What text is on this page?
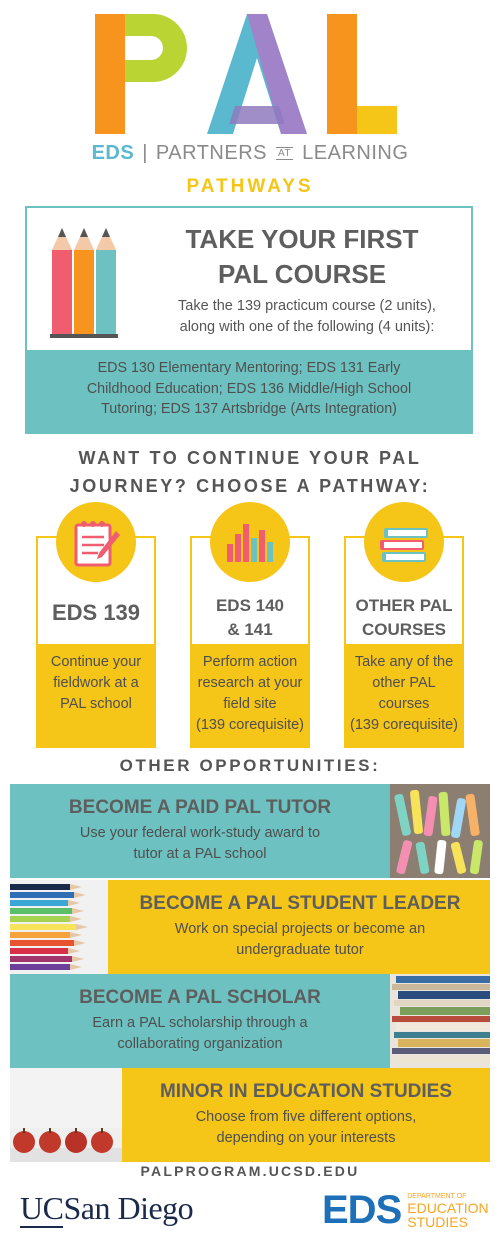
EDS | PARTNERS AT LEARNING
PATHWAYS
TAKE YOUR FIRST
PAL COURSE
Take the 139 practicum course (2 units),
along with one of the following (4 units):
EDS 130 Elementary Mentoring; EDS 131 Early
Childhood Education; EDS 136 Middle/High School
Tutoring; EDS 137 Artsbridge (Arts Integration)
WANT TO CONTINUE YOUR PAL
JOURNEY? CHOOSE A PATHWAY:
EDS 139
Continue your
fieldwork at a
PAL school
EDS 140
& 141
Perform action
research at your
field site
(139 corequisite)
OTHER PAL
COURSES
Take any of the
other PAL
courses
(139 corequisite)
OTHER OPPORTUNITIES:
BECOME A PAID PAL TUTOR
Use your federal work-study award to
tutor at a PAL school
BECOME A PAL STUDENT LEADER
Work on special projects or become an
undergraduate tutor
BECOME A PAL SCHOLAR
Earn a PAL scholarship through a
collaborating organization
MINOR IN EDUCATION STUDIES
Choose from five different options,
depending on your interests
PALPROGRAM.UCSD.EDU
UCSan Diego	EDS DEPARTMENT OF
EDUCATION
STUDIES
